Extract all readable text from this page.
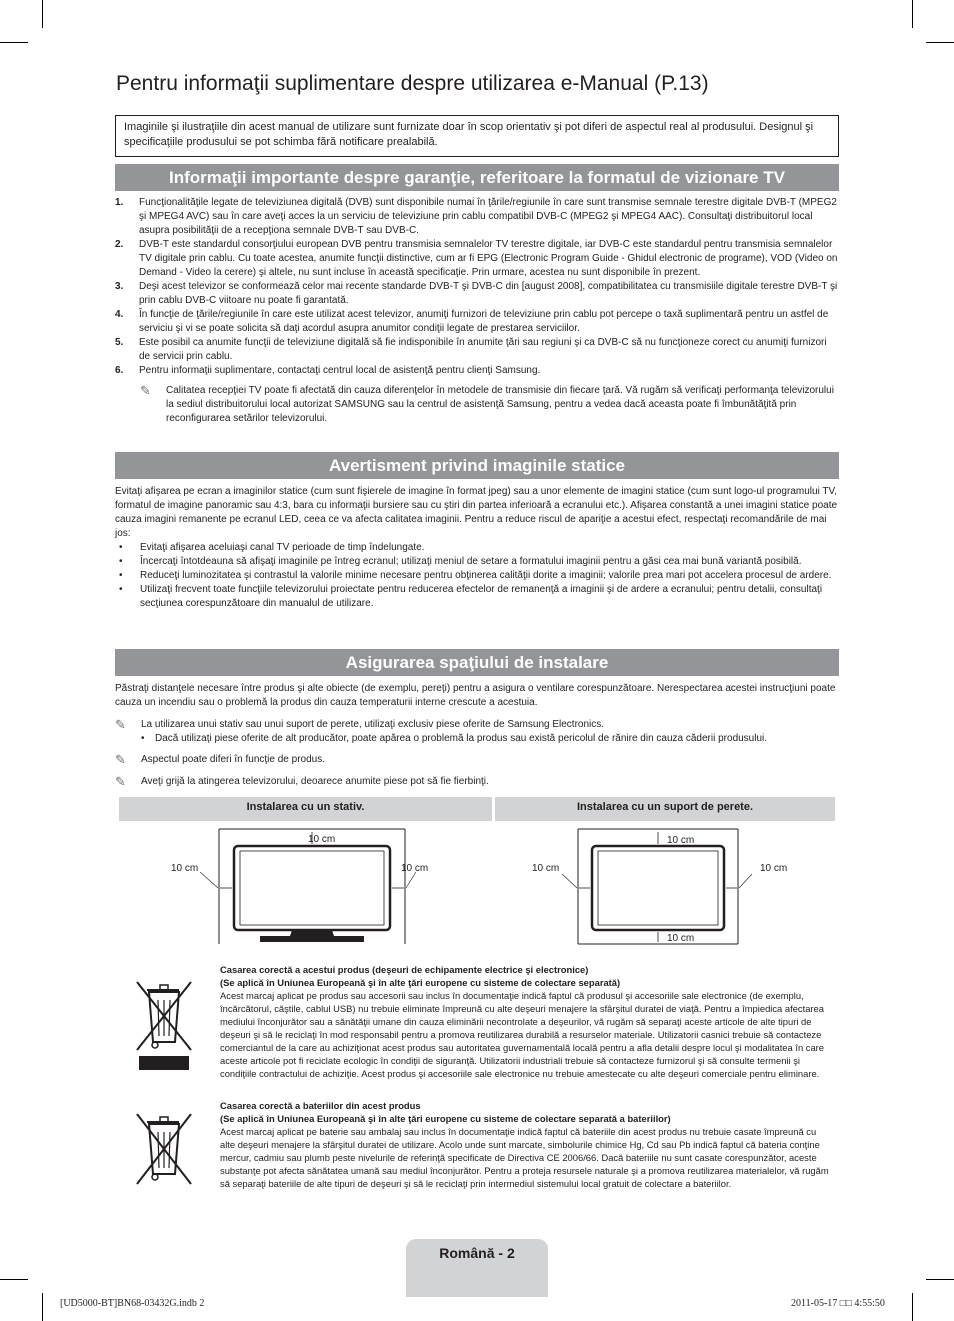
Pentru informaţii suplimentare despre utilizarea e-Manual (P.13)
Imaginile şi ilustraţiile din acest manual de utilizare sunt furnizate doar în scop orientativ şi pot diferi de aspectul real al produsului. Designul şi specificaţiile produsului se pot schimba fără notificare prealabilă.
Informaţii importante despre garanţie, referitoare la formatul de vizionare TV
1.	Funcţionalităţile legate de televiziunea digitală (DVB) sunt disponibile numai în ţările/regiunile în care sunt transmise semnale terestre digitale DVB-T (MPEG2 şi MPEG4 AVC) sau în care aveţi acces la un serviciu de televiziune prin cablu compatibil DVB-C (MPEG2 şi MPEG4 AAC). Consultaţi distribuitorul local asupra posibilităţii de a recepţiona semnale DVB-T sau DVB-C.
2.	DVB-T este standardul consorţiului european DVB pentru transmisia semnalelor TV terestre digitale, iar DVB-C este standardul pentru transmisia semnalelor TV digitale prin cablu. Cu toate acestea, anumite funcţii distinctive, cum ar fi EPG (Electronic Program Guide - Ghidul electronic de programe), VOD (Video on Demand - Video la cerere) şi altele, nu sunt incluse în această specificaţie. Prin urmare, acestea nu sunt disponibile în prezent.
3.	Deşi acest televizor se conformează celor mai recente standarde DVB-T şi DVB-C din [august 2008], compatibilitatea cu transmisiile digitale terestre DVB-T şi prin cablu DVB-C viitoare nu poate fi garantată.
4.	În funcţie de ţările/regiunile în care este utilizat acest televizor, anumiţi furnizori de televiziune prin cablu pot percepe o taxă suplimentară pentru un astfel de serviciu şi vi se poate solicita să daţi acordul asupra anumitor condiţii legate de prestarea serviciilor.
5.	Este posibil ca anumite funcţii de televiziune digitală să fie indisponibile în anumite ţări sau regiuni şi ca DVB-C să nu funcţioneze corect cu anumiţi furnizori de servicii prin cablu.
6.	Pentru informaţii suplimentare, contactaţi centrul local de asistenţă pentru clienţi Samsung.
✎	Calitatea recepţiei TV poate fi afectată din cauza diferenţelor în metodele de transmisie din fiecare ţară. Vă rugăm să verificaţi performanţa televizorului la sediul distribuitorului local autorizat SAMSUNG sau la centrul de asistenţă Samsung, pentru a vedea dacă aceasta poate fi îmbunătăţită prin reconfigurarea setărilor televizorului.
Avertisment privind imaginile statice
Evitaţi afişarea pe ecran a imaginilor statice (cum sunt fişierele de imagine în format jpeg) sau a unor elemente de imagini statice (cum sunt logo-ul programului TV, formatul de imagine panoramic sau 4:3, bara cu informaţii bursiere sau cu ştiri din partea inferioară a ecranului etc.). Afişarea constantă a unei imagini statice poate cauza imagini remanente pe ecranul LED, ceea ce va afecta calitatea imaginii. Pentru a reduce riscul de apariţie a acestui efect, respectaţi recomandările de mai jos:
•	Evitaţi afişarea aceluiaşi canal TV perioade de timp îndelungate.
•	Încercaţi întotdeauna să afişaţi imaginile pe întreg ecranul; utilizaţi meniul de setare a formatului imaginii pentru a găsi cea mai bună variantă posibilă.
•	Reduceţi luminozitatea şi contrastul la valorile minime necesare pentru obţinerea calităţii dorite a imaginii; valorile prea mari pot accelera procesul de ardere.
•	Utilizaţi frecvent toate funcţiile televizorului proiectate pentru reducerea efectelor de remanenţă a imaginii şi de ardere a ecranului; pentru detalii, consultaţi secţiunea corespunzătoare din manualul de utilizare.
Asigurarea spaţiului de instalare
Păstraţi distanţele necesare între produs şi alte obiecte (de exemplu, pereţi) pentru a asigura o ventilare corespunzătoare. Nerespectarea acestei instrucţiuni poate cauza un incendiu sau o problemă la produs din cauza temperaturii interne crescute a acestuia.
✎	La utilizarea unui stativ sau unui suport de perete, utilizaţi exclusiv piese oferite de Samsung Electronics.
•	Dacă utilizaţi piese oferite de alt producător, poate apărea o problemă la produs sau există pericolul de rănire din cauza căderii produsului.
✎	Aspectul poate diferi în funcţie de produs.
✎	Aveţi grijă la atingerea televizorului, deoarece anumite piese pot să fie fierbinţi.
Instalarea cu un stativ.	Instalarea cu un suport de perete.
10 cm
10 cm	10 cm
10 cm
10 cm
10 cm	10 cm
Casarea corectă a acestui produs (deşeuri de echipamente electrice şi electronice)
(Se aplică în Uniunea Europeană şi în alte ţări europene cu sisteme de colectare separată)
Acest marcaj aplicat pe produs sau accesorii sau inclus în documentaţie indică faptul că produsul şi accesoriile sale electronice (de exemplu, încărcătorul, căştile, cablul USB) nu trebuie eliminate împreună cu alte deşeuri menajere la sfârşitul duratei de viaţă. Pentru a împiedica afectarea mediului înconjurător sau a sănătăţii umane din cauza eliminării necontrolate a deşeurilor, vă rugăm să separaţi aceste articole de alte tipuri de deşeuri şi să le reciclaţi în mod responsabil pentru a promova reutilizarea durabilă a resurselor materiale. Utilizatorii casnici trebuie să contacteze comerciantul de la care au achiziţionat acest produs sau autoritatea guvernamentală locală pentru a afla detalii despre locul şi modalitatea în care aceste articole pot fi reciclate ecologic în condiţii de siguranţă. Utilizatorii industriali trebuie să contacteze furnizorul şi să consulte termenii şi condiţiile contractului de achiziţie. Acest produs şi accesoriile sale electronice nu trebuie amestecate cu alte deşeuri comerciale pentru eliminare.
Casarea corectă a bateriilor din acest produs
(Se aplică în Uniunea Europeană şi în alte ţări europene cu sisteme de colectare separată a bateriilor)
Acest marcaj aplicat pe baterie sau ambalaj sau inclus în documentaţie indică faptul că bateriile din acest produs nu trebuie casate împreună cu alte deşeuri menajere la sfârşitul duratei de utilizare. Acolo unde sunt marcate, simbolurile chimice Hg, Cd sau Pb indică faptul că bateria conţine mercur, cadmiu sau plumb peste nivelurile de referinţă specificate de Directiva CE 2006/66. Dacă bateriile nu sunt casate corespunzător, aceste substanţe pot afecta sănătatea umană sau mediul înconjurător. Pentru a proteja resursele naturale şi a promova reutilizarea materialelor, vă rugăm să separaţi bateriile de alte tipuri de deşeuri şi să le reciclaţi prin intermediul sistemului local gratuit de colectare a bateriilor.
Română - 2
[UD5000-BT]BN68-03432G.indb 2	2011-05-17 □□ 4:55:50
